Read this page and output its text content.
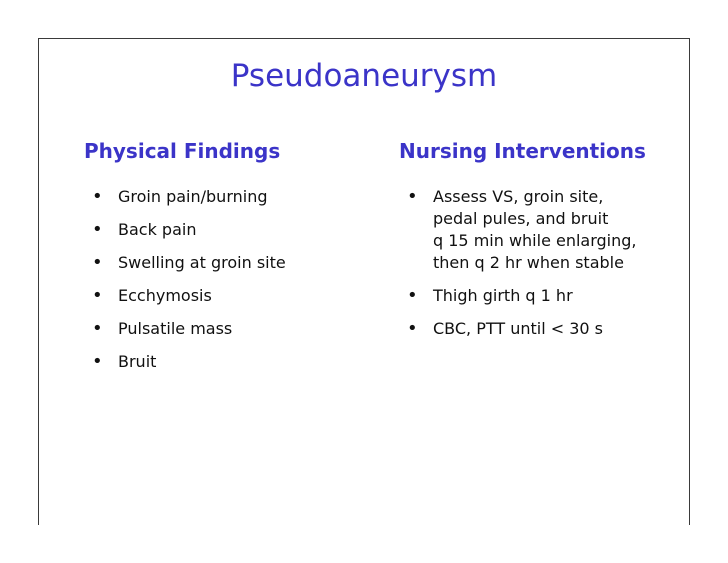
Pseudoaneurysm
Physical Findings	Nursing Interventions
• Groin pain/burning
• Back pain
• Swelling at groin site
• Ecchymosis
• Pulsatile mass
• Bruit
• Assess VS, groin site,
pedal pules, and bruit
q 15 min while enlarging,
then q 2 hr when stable
• Thigh girth q 1 hr
• CBC, PTT until < 30 s
